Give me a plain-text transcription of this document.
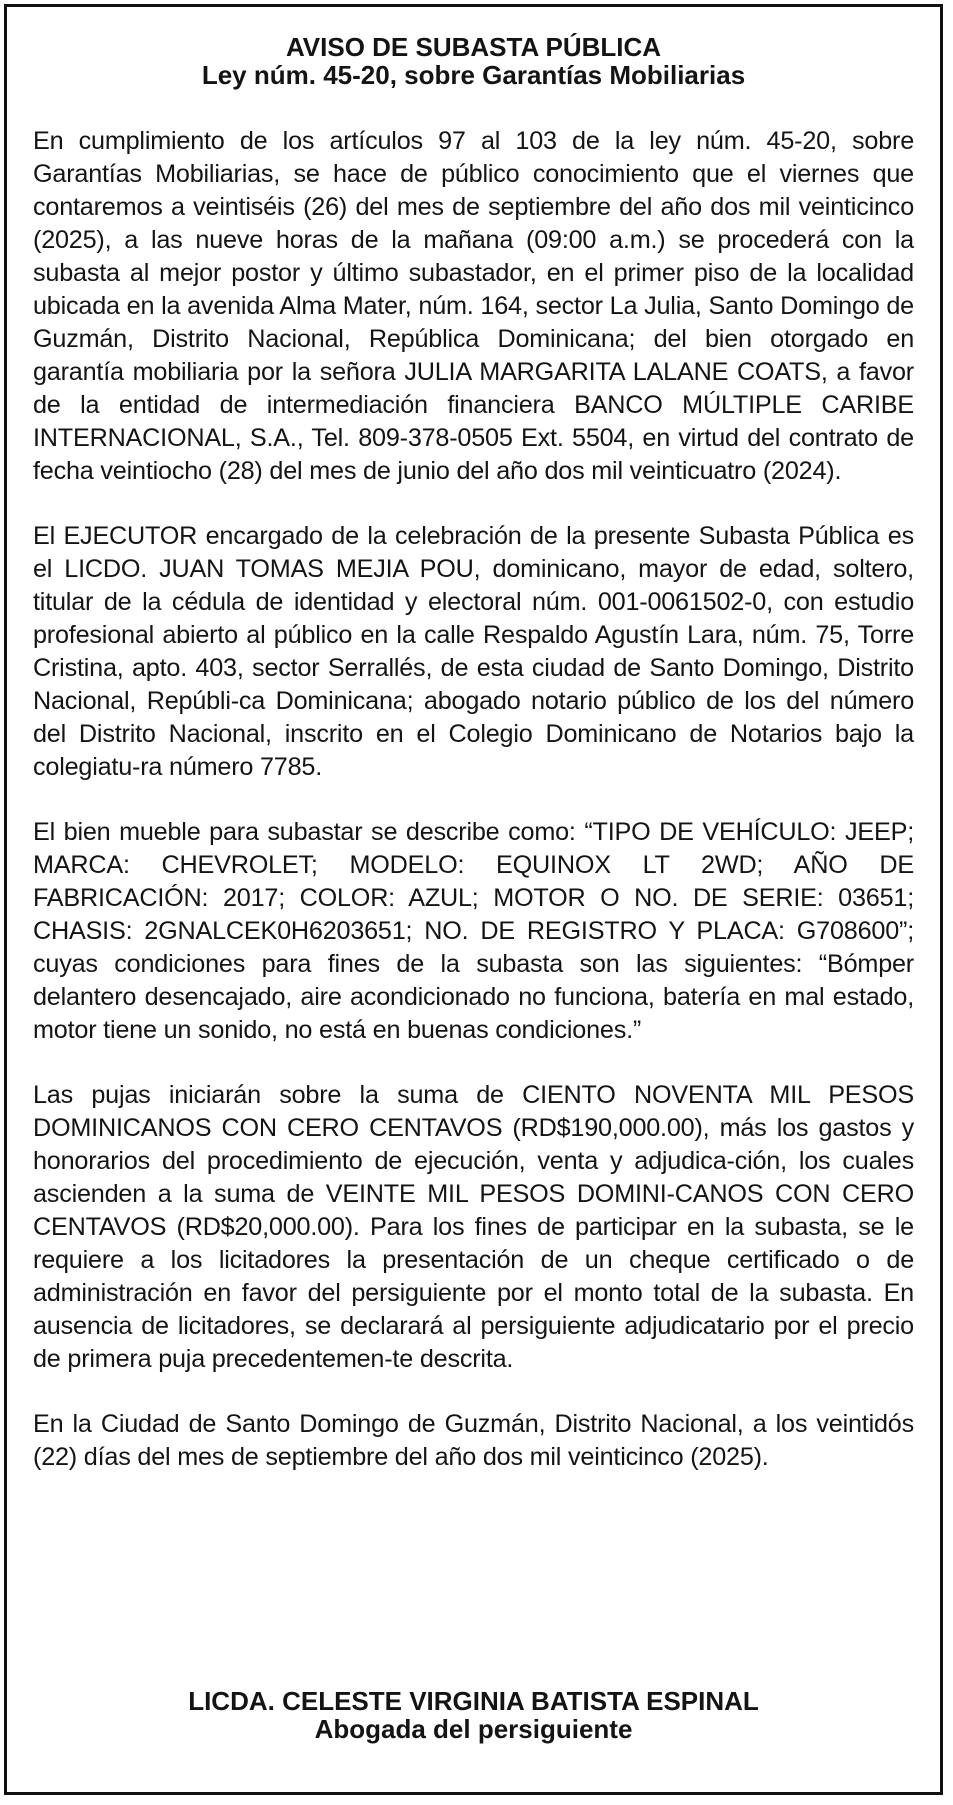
AVISO DE SUBASTA PÚBLICA
Ley núm. 45-20, sobre Garantías Mobiliarias

En cumplimiento de los artículos 97 al 103 de la ley núm. 45-20, sobre Garantías Mobiliarias, se hace de público conocimiento que el viernes que contaremos a veintiséis (26) del mes de septiembre del año dos mil veinticinco (2025), a las nueve horas de la mañana (09:00 a.m.) se procederá con la subasta al mejor postor y último subastador, en el primer piso de la localidad ubicada en la avenida Alma Mater, núm. 164, sector La Julia, Santo Domingo de Guzmán, Distrito Nacional, República Dominicana; del bien otorgado en garantía mobiliaria por la señora JULIA MARGARITA LALANE COATS, a favor de la entidad de intermediación financiera BANCO MÚLTIPLE CARIBE INTERNACIONAL, S.A., Tel. 809-378-0505 Ext. 5504, en virtud del contrato de fecha veintiocho (28) del mes de junio del año dos mil veinticuatro (2024).

El EJECUTOR encargado de la celebración de la presente Subasta Pública es el LICDO. JUAN TOMAS MEJIA POU, dominicano, mayor de edad, soltero, titular de la cédula de identidad y electoral núm. 001-0061502-0, con estudio profesional abierto al público en la calle Respaldo Agustín Lara, núm. 75, Torre Cristina, apto. 403, sector Serrallés, de esta ciudad de Santo Domingo, Distrito Nacional, Repúbli-ca Dominicana; abogado notario público de los del número del Distrito Nacional, inscrito en el Colegio Dominicano de Notarios bajo la colegiatu-ra número 7785.

El bien mueble para subastar se describe como: “TIPO DE VEHÍCULO: JEEP; MARCA: CHEVROLET; MODELO: EQUINOX LT 2WD; AÑO DE FABRICACIÓN: 2017; COLOR: AZUL; MOTOR O NO. DE SERIE: 03651; CHASIS: 2GNALCEK0H6203651; NO. DE REGISTRO Y PLACA: G708600”; cuyas condiciones para fines de la subasta son las siguientes: “Bómper delantero desencajado, aire acondicionado no funciona, batería en mal estado, motor tiene un sonido, no está en buenas condiciones.”

Las pujas iniciarán sobre la suma de CIENTO NOVENTA MIL PESOS DOMINICANOS CON CERO CENTAVOS (RD$190,000.00), más los gastos y honorarios del procedimiento de ejecución, venta y adjudica-ción, los cuales ascienden a la suma de VEINTE MIL PESOS DOMINI-CANOS CON CERO CENTAVOS (RD$20,000.00). Para los fines de participar en la subasta, se le requiere a los licitadores la presentación de un cheque certificado o de administración en favor del persiguiente por el monto total de la subasta. En ausencia de licitadores, se declarará al persiguiente adjudicatario por el precio de primera puja precedentemen-te descrita.

En la Ciudad de Santo Domingo de Guzmán, Distrito Nacional, a los veintidós (22) días del mes de septiembre del año dos mil veinticinco (2025).

LICDA. CELESTE VIRGINIA BATISTA ESPINAL
Abogada del persiguiente
